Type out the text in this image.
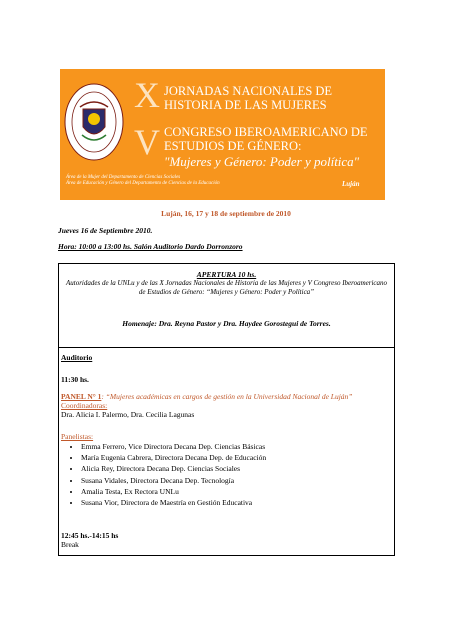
X
V
JORNADAS NACIONALES DE HISTORIA DE LAS MUJERES
CONGRESO IBEROAMERICANO DE ESTUDIOS DE GÉNERO:
"Mujeres y Género: Poder y política"
Área de la Mujer del Departamento de Ciencias Sociales
Área de Educación y Género del Departamento de Ciencias de la Educación	Luján
Luján, 16, 17 y 18 de septiembre de 2010
Jueves 16 de Septiembre 2010.
Hora: 10:00 a 13:00 hs. Salón Auditorio Dardo Dorronzoro
APERTURA 10 hs.
Autoridades de la UNLu y de las X Jornadas Nacionales de Historia de las Mujeres y V Congreso Iberoamericano de Estudios de Género: “Mujeres y Género: Poder y Política”
Homenaje: Dra. Reyna Pastor y Dra. Haydee Gorostegui de Torres.
Auditorio
11:30 hs.
PANEL N° 1: “Mujeres académicas en cargos de gestión en la Universidad Nacional de Luján”
Coordinadoras:
Dra. Alicia I. Palermo, Dra. Cecilia Lagunas
Panelistas:
• Emma Ferrero, Vice Directora Decana Dep. Ciencias Básicas
• María Eugenia Cabrera, Directora Decana Dep. de Educación
• Alicia Rey, Directora Decana Dep. Ciencias Sociales
• Susana Vidales, Directora Decana Dep. Tecnología
• Amalia Testa, Ex Rectora UNLu
• Susana Vior, Directora de Maestría en Gestión Educativa
12:45 hs.-14:15 hs
Break
